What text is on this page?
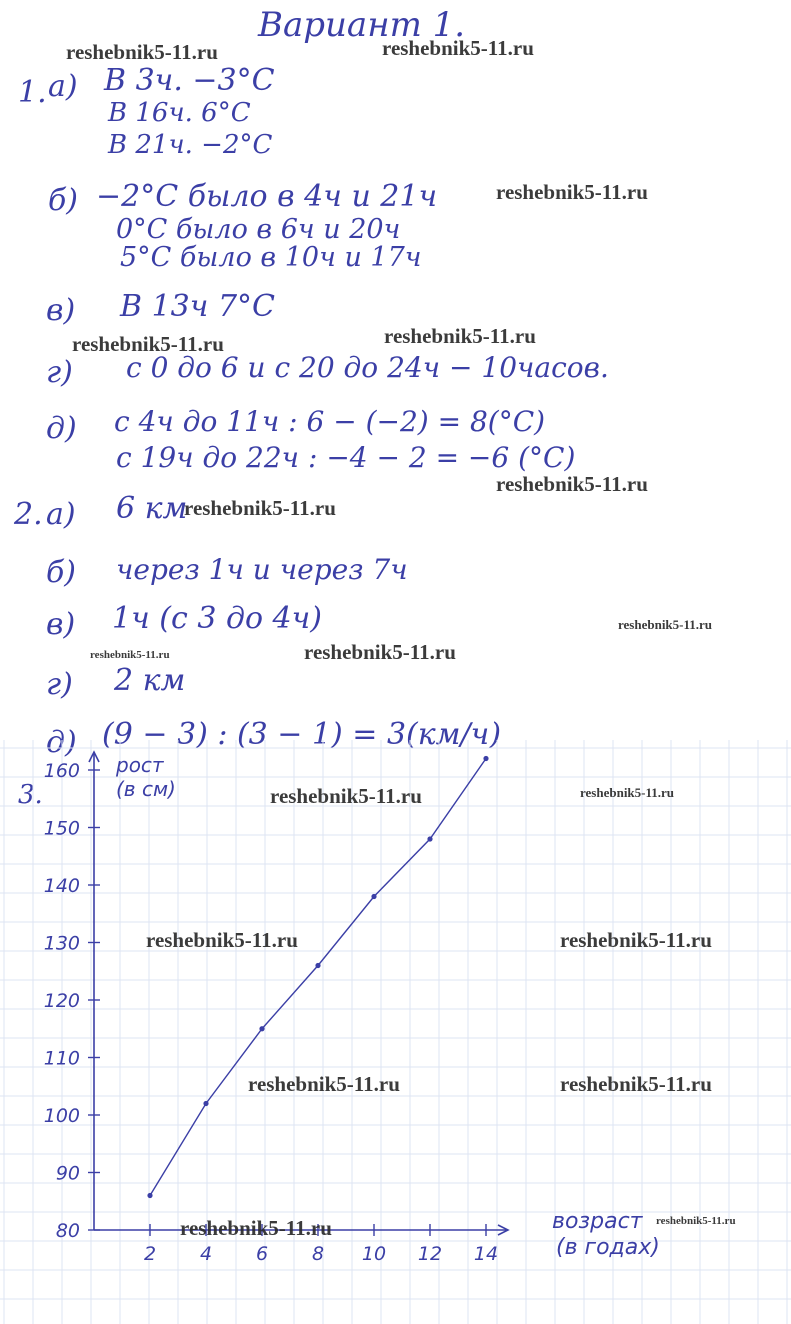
Вариант 1.
1. а) В 3ч. −3°C
В 16ч. 6°C
В 21ч. −2°C
б) −2°C было в 4ч и 21ч
0°C было в 6ч и 20ч
5°C было в 10ч и 17ч
в) В 13ч 7°C
г) с 0 до 6 и с 20 до 24ч − 10часов.
д) с 4ч до 11ч : 6 − (−2) = 8(°C)
с 19ч до 22ч : −4 − 2 = −6 (°C)
2. а) 6 км
б) через 1ч и через 7ч
в) 1ч (с 3 до 4ч)
г) 2 км
д) (9 − 3) : (3 − 1) = 3(км/ч)
3.
80
90
100
110
120
130
140
150
160
2 4 6 8 10 12 14
рост
(в см)
возраст
(в годах)
reshebnik5-11.ru	reshebnik5-11.ru
reshebnik5-11.ru
reshebnik5-11.ru	reshebnik5-11.ru
reshebnik5-11.ru
reshebnik5-11.ru
reshebnik5-11.ru
reshebnik5-11.ru	reshebnik5-11.ru
reshebnik5-11.ru	reshebnik5-11.ru
reshebnik5-11.ru	reshebnik5-11.ru
reshebnik5-11.ru	reshebnik5-11.ru
reshebnik5-11.ru	reshebnik5-11.ru
